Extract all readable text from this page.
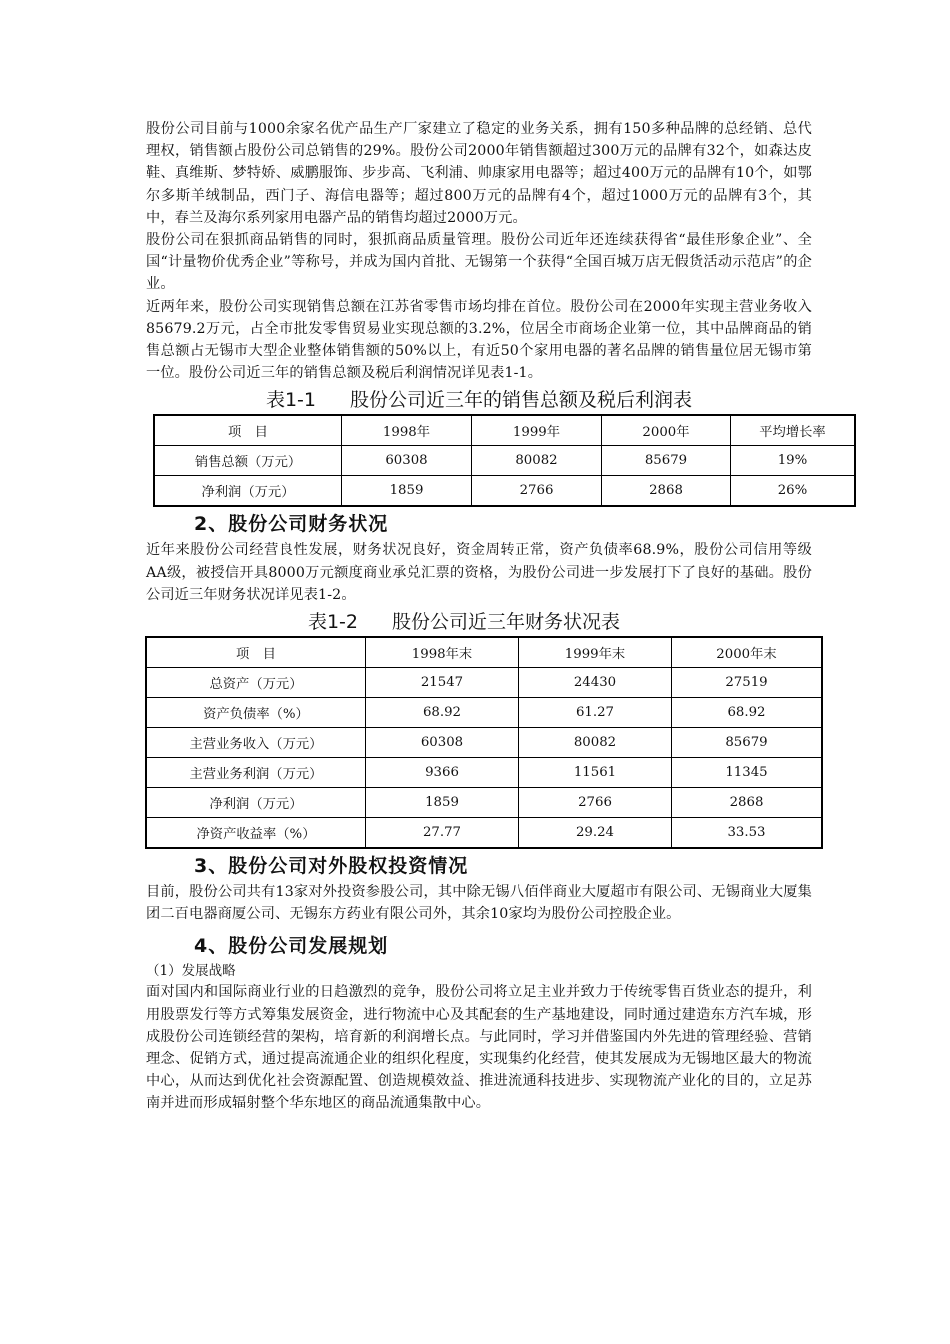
股份公司目前与1000余家名优产品生产厂家建立了稳定的业务关系，拥有150多种品牌的总经销、总代理权，销售额占股份公司总销售的29%。股份公司2000年销售额超过300万元的品牌有32个，如森达皮鞋、真维斯、梦特娇、威鹏服饰、步步高、飞利浦、帅康家用电器等；超过400万元的品牌有10个，如鄂尔多斯羊绒制品，西门子、海信电器等；超过800万元的品牌有4个，超过1000万元的品牌有3个，其中，春兰及海尔系列家用电器产品的销售均超过2000万元。

股份公司在狠抓商品销售的同时，狠抓商品质量管理。股份公司近年还连续获得省“最佳形象企业”、全国“计量物价优秀企业”等称号，并成为国内首批、无锡第一个获得“全国百城万店无假货活动示范店”的企业。

近两年来，股份公司实现销售总额在江苏省零售市场均排在首位。股份公司在2000年实现主营业务收入85679.2万元，占全市批发零售贸易业实现总额的3.2%，位居全市商场企业第一位，其中品牌商品的销售总额占无锡市大型企业整体销售额的50%以上，有近50个家用电器的著名品牌的销售量位居无锡市第一位。股份公司近三年的销售总额及税后利润情况详见表1-1。

表1-1 股份公司近三年的销售总额及税后利润表
项　目	1998年	1999年	2000年	平均增长率
销售总额（万元）	60308	80082	85679	19%
净利润（万元）	1859	2766	2868	26%
2、股份公司财务状况

近年来股份公司经营良性发展，财务状况良好，资金周转正常，资产负债率68.9%，股份公司信用等级AA级，被授信开具8000万元额度商业承兑汇票的资格，为股份公司进一步发展打下了良好的基础。股份公司近三年财务状况详见表1-2。

表1-2 股份公司近三年财务状况表
项　目	1998年末	1999年末	2000年末
总资产（万元）	21547	24430	27519
资产负债率（%）	68.92	61.27	68.92
主营业务收入（万元）	60308	80082	85679
主营业务利润（万元）	9366	11561	11345
净利润（万元）	1859	2766	2868
净资产收益率（%）	27.77	29.24	33.53
3、股份公司对外股权投资情况

目前，股份公司共有13家对外投资参股公司，其中除无锡八佰伴商业大厦超市有限公司、无锡商业大厦集团二百电器商厦公司、无锡东方药业有限公司外，其余10家均为股份公司控股企业。

4、股份公司发展规划

（1）发展战略

面对国内和国际商业行业的日趋激烈的竞争，股份公司将立足主业并致力于传统零售百货业态的提升，利用股票发行等方式筹集发展资金，进行物流中心及其配套的生产基地建设，同时通过建造东方汽车城，形成股份公司连锁经营的架构，培育新的利润增长点。与此同时，学习并借鉴国内外先进的管理经验、营销理念、促销方式，通过提高流通企业的组织化程度，实现集约化经营，使其发展成为无锡地区最大的物流中心，从而达到优化社会资源配置、创造规模效益、推进流通科技进步、实现物流产业化的目的，立足苏南并进而形成辐射整个华东地区的商品流通集散中心。
